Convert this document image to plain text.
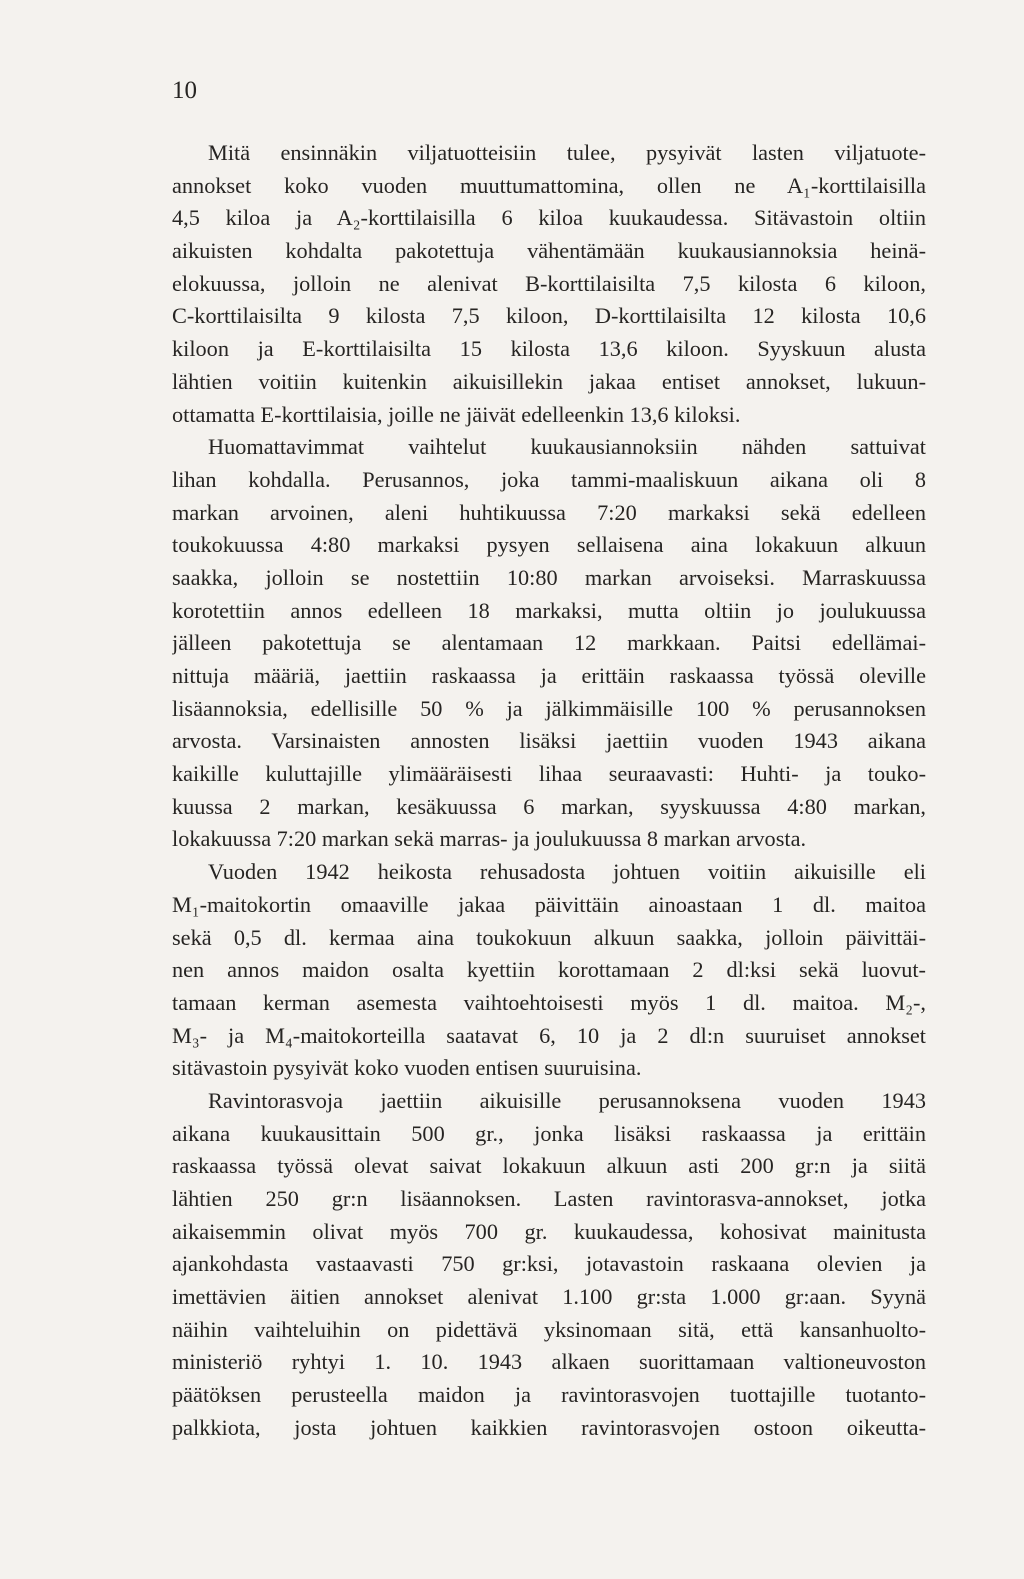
10

Mitä ensinnäkin viljatuotteisiin tulee, pysyivät lasten viljatuote-
annokset koko vuoden muuttumattomina, ollen ne A₁-korttilaisilla
4,5 kiloa ja A₂-korttilaisilla 6 kiloa kuukaudessa. Sitävastoin oltiin
aikuisten kohdalta pakotettuja vähentämään kuukausiannoksia heinä-
elokuussa, jolloin ne alenivat B-korttilaisilta 7,5 kilosta 6 kiloon,
C-korttilaisilta 9 kilosta 7,5 kiloon, D-korttilaisilta 12 kilosta 10,6
kiloon ja E-korttilaisilta 15 kilosta 13,6 kiloon. Syyskuun alusta
lähtien voitiin kuitenkin aikuisillekin jakaa entiset annokset, lukuun-
ottamatta E-korttilaisia, joille ne jäivät edelleenkin 13,6 kiloksi.
Huomattavimmat vaihtelut kuukausiannoksiin nähden sattuivat
lihan kohdalla. Perusannos, joka tammi-maaliskuun aikana oli 8
markan arvoinen, aleni huhtikuussa 7:20 markaksi sekä edelleen
toukokuussa 4:80 markaksi pysyen sellaisena aina lokakuun alkuun
saakka, jolloin se nostettiin 10:80 markan arvoiseksi. Marraskuussa
korotettiin annos edelleen 18 markaksi, mutta oltiin jo joulukuussa
jälleen pakotettuja se alentamaan 12 markkaan. Paitsi edellämai-
nittuja määriä, jaettiin raskaassa ja erittäin raskaassa työssä oleville
lisäannoksia, edellisille 50 % ja jälkimmäisille 100 % perusannoksen
arvosta. Varsinaisten annosten lisäksi jaettiin vuoden 1943 aikana
kaikille kuluttajille ylimääräisesti lihaa seuraavasti: Huhti- ja touko-
kuussa 2 markan, kesäkuussa 6 markan, syyskuussa 4:80 markan,
lokakuussa 7:20 markan sekä marras- ja joulukuussa 8 markan arvosta.
Vuoden 1942 heikosta rehusadosta johtuen voitiin aikuisille eli
M₁-maitokortin omaaville jakaa päivittäin ainoastaan 1 dl. maitoa
sekä 0,5 dl. kermaa aina toukokuun alkuun saakka, jolloin päivittäi-
nen annos maidon osalta kyettiin korottamaan 2 dl:ksi sekä luovut-
tamaan kerman asemesta vaihtoehtoisesti myös 1 dl. maitoa. M₂-,
M₃- ja M₄-maitokorteilla saatavat 6, 10 ja 2 dl:n suuruiset annokset
sitävastoin pysyivät koko vuoden entisen suuruisina.
Ravintorasvoja jaettiin aikuisille perusannoksena vuoden 1943
aikana kuukausittain 500 gr., jonka lisäksi raskaassa ja erittäin
raskaassa työssä olevat saivat lokakuun alkuun asti 200 gr:n ja siitä
lähtien 250 gr:n lisäannoksen. Lasten ravintorasva-annokset, jotka
aikaisemmin olivat myös 700 gr. kuukaudessa, kohosivat mainitusta
ajankohdasta vastaavasti 750 gr:ksi, jotavastoin raskaana olevien ja
imettävien äitien annokset alenivat 1.100 gr:sta 1.000 gr:aan. Syynä
näihin vaihteluihin on pidettävä yksinomaan sitä, että kansanhuolto-
ministeriö ryhtyi 1. 10. 1943 alkaen suorittamaan valtioneuvoston
päätöksen perusteella maidon ja ravintorasvojen tuottajille tuotanto-
palkkiota, josta johtuen kaikkien ravintorasvojen ostoon oikeutta-
